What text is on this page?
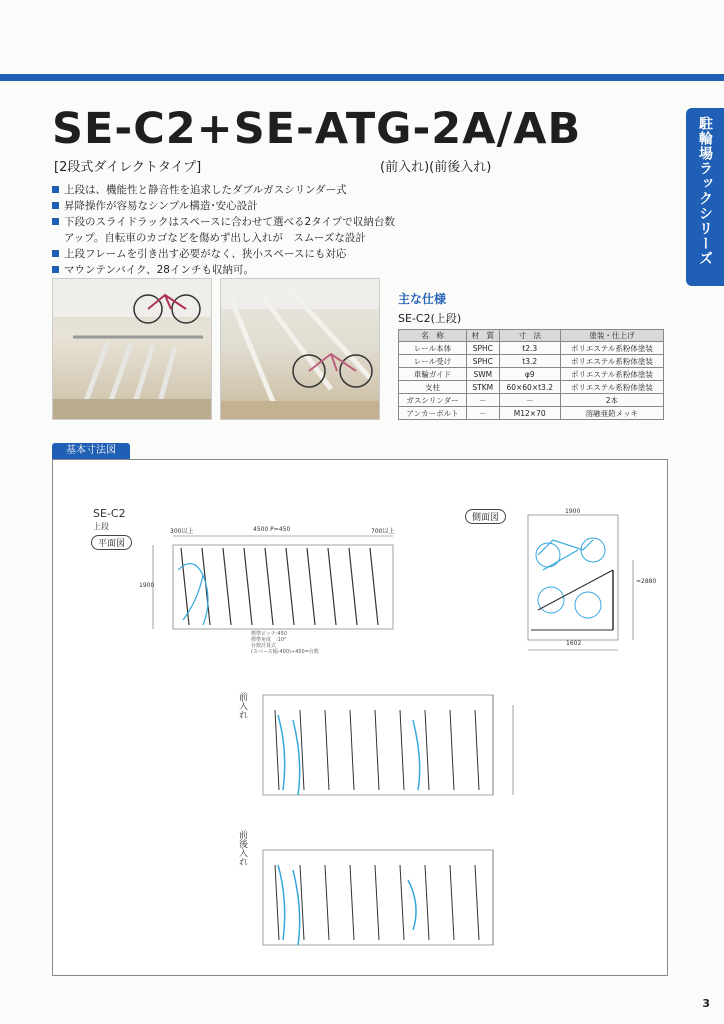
SE-C2+SE-ATG-2A/AB
[2段式ダイレクトタイプ]	(前入れ)(前後入れ)	駐輪場ラックシリーズ
上段は、機能性と静音性を追求したダブルガスシリンダー式
昇降操作が容易なシンプル構造･安心設計
下段のスライドラックはスペースに合わせて選べる2タイプで収納台数
アップ。自転車のカゴなどを傷めず出し入れが　スムーズな設計
上段フレームを引き出す必要がなく、狭小スペースにも対応
マウンテンバイク、28インチも収納可。
主な仕様
SE-C2(上段)
名　称	材　質	寸　法	塗装・仕上げ
レール本体	SPHC	t2.3	ポリエステル系粉体塗装
レール受け	SPHC	t3.2	ポリエステル系粉体塗装
車輪ガイド	SWM	φ9	ポリエステル系粉体塗装
支柱	STKM	60×60×t3.2	ポリエステル系粉体塗装
ガスシリンダー	－	－	2本
アンカーボルト	－	M12×70	溶融亜鉛メッキ
基本寸法図
SE-C2
上段
平面図
側面図
4500 P=450
300以上	700以上
1900
1900
1602
≈2880
前入れ
前後入れ
標準ピッチ:450
標準角度　:10°
台数計算式
(スペース幅-400)÷450=台数
3
